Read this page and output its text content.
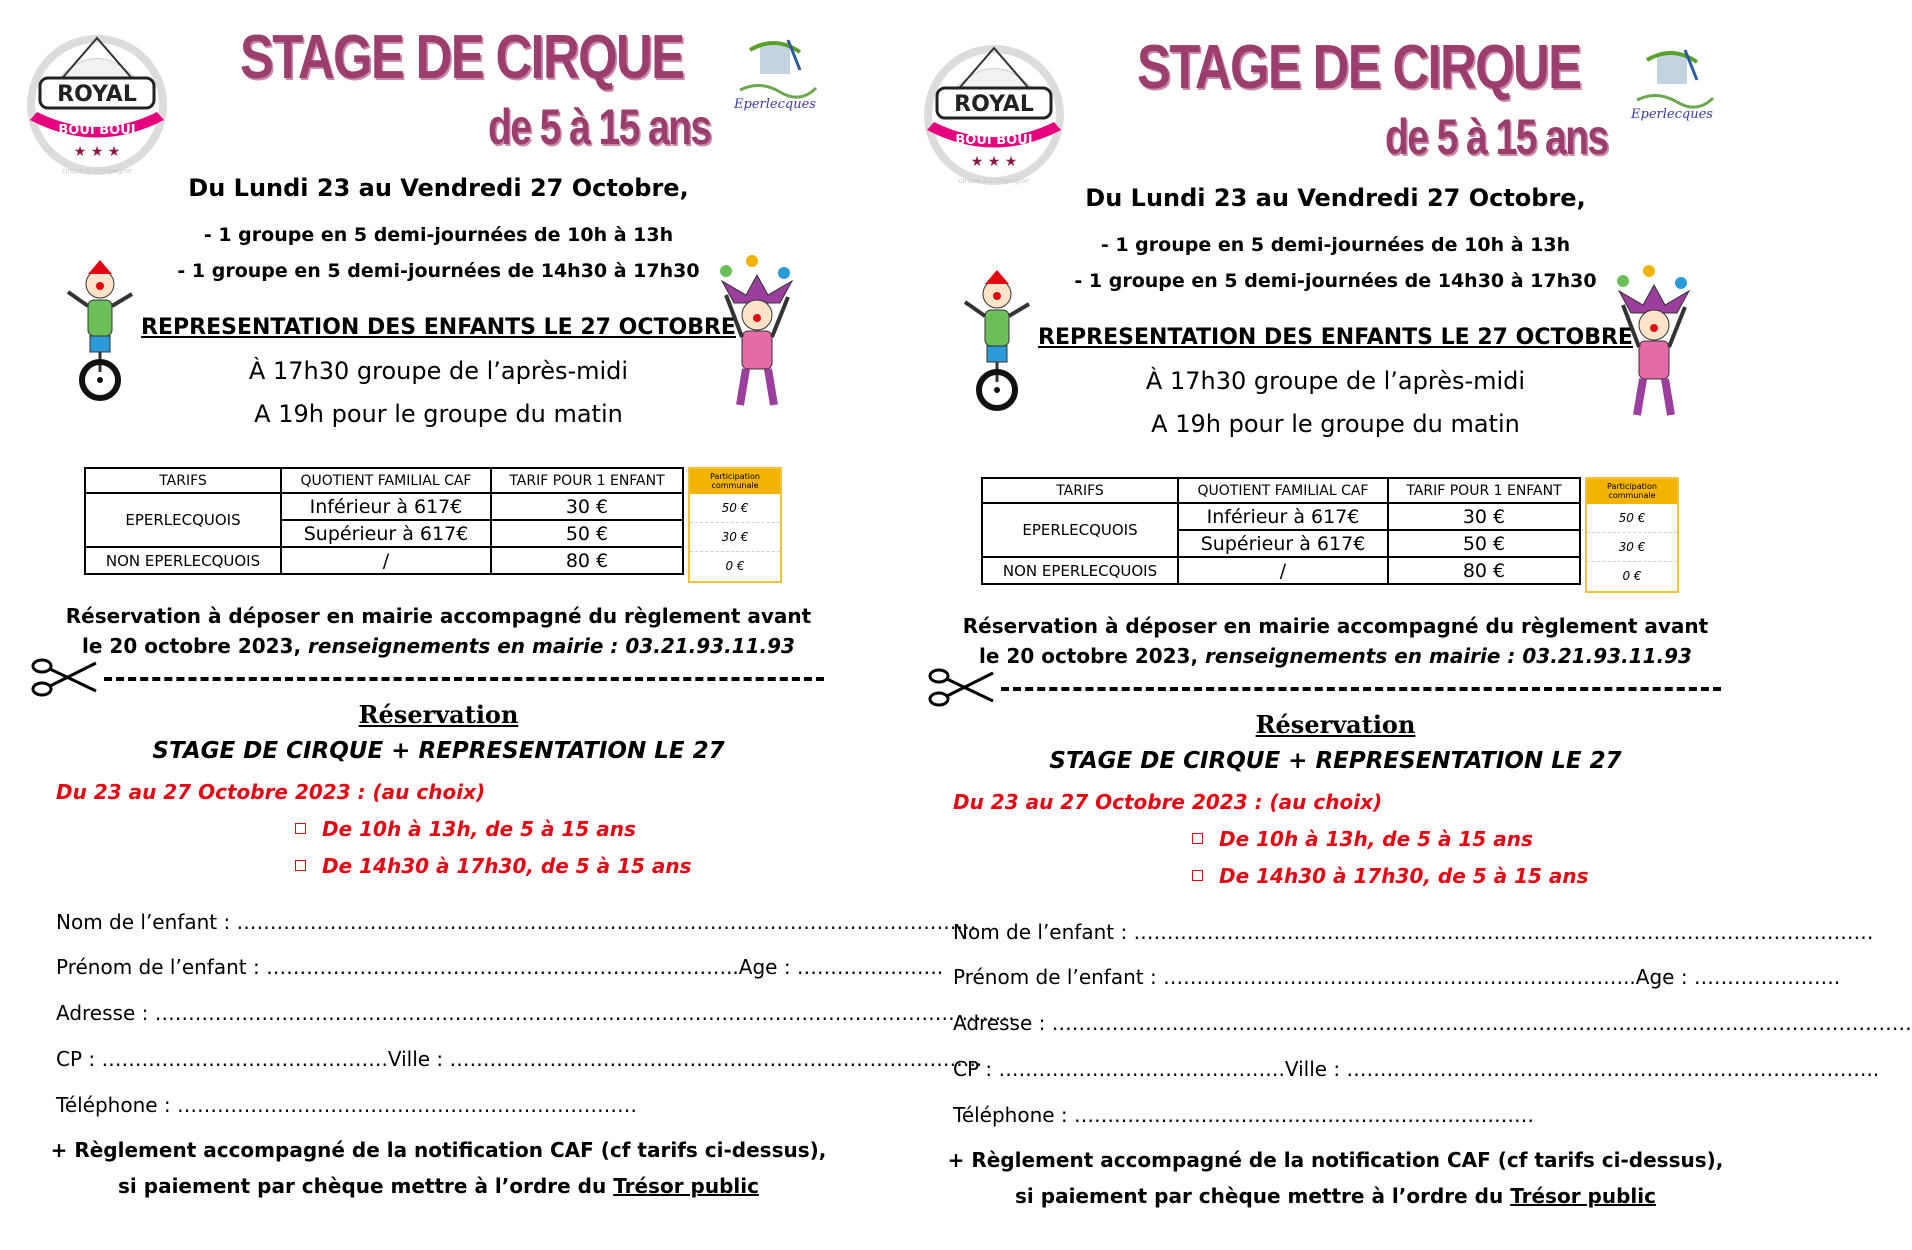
ROYAL
BOUI BOUI
★ ★ ★
cirque & compagnie
Eperlecques
STAGE DE CIRQUE
de 5 à 15 ans
Du Lundi 23 au Vendredi 27 Octobre,
- 1 groupe en 5 demi-journées de 10h à 13h
- 1 groupe en 5 demi-journées de 14h30 à 17h30
REPRESENTATION DES ENFANTS LE 27 OCTOBRE
À 17h30 groupe de l’après-midi
A 19h pour le groupe du matin
TARIFS	QUOTIENT FAMILIAL CAF	TARIF POUR 1 ENFANT
EPERLECQUOIS	Inférieur à 617€	30 €
	Supérieur à 617€	50 €
NON EPERLECQUOIS	/	80 €
Participation communale
50 €
30 €
0 €
Réservation à déposer en mairie accompagné du règlement avant
le 20 octobre 2023, renseignements en mairie : 03.21.93.11.93
Réservation
STAGE DE CIRQUE + REPRESENTATION LE 27
Du 23 au 27 Octobre 2023 : (au choix)
De 10h à 13h, de 5 à 15 ans
De 14h30 à 17h30, de 5 à 15 ans
Nom de l’enfant : …………………………………………………………………………………………………
Prénom de l’enfant : ……………………………………………………………..Age : ………………….
Adresse : …………………………………………………………………………………………………………………
CP : …………………………………….Ville : ……………………………………………………………………..
Téléphone : ……………………………………………………………
+ Règlement accompagné de la notification CAF (cf tarifs ci-dessus),
si paiement par chèque mettre à l’ordre du Trésor public
ROYAL
BOUI BOUI
★ ★ ★
cirque & compagnie
Eperlecques
STAGE DE CIRQUE
de 5 à 15 ans
Du Lundi 23 au Vendredi 27 Octobre,
- 1 groupe en 5 demi-journées de 10h à 13h
- 1 groupe en 5 demi-journées de 14h30 à 17h30
REPRESENTATION DES ENFANTS LE 27 OCTOBRE
À 17h30 groupe de l’après-midi
A 19h pour le groupe du matin
TARIFS	QUOTIENT FAMILIAL CAF	TARIF POUR 1 ENFANT
EPERLECQUOIS	Inférieur à 617€	30 €
	Supérieur à 617€	50 €
NON EPERLECQUOIS	/	80 €
Participation communale
50 €
30 €
0 €
Réservation à déposer en mairie accompagné du règlement avant
le 20 octobre 2023, renseignements en mairie : 03.21.93.11.93
Réservation
STAGE DE CIRQUE + REPRESENTATION LE 27
Du 23 au 27 Octobre 2023 : (au choix)
De 10h à 13h, de 5 à 15 ans
De 14h30 à 17h30, de 5 à 15 ans
Nom de l’enfant : …………………………………………………………………………………………………
Prénom de l’enfant : ……………………………………………………………..Age : ………………….
Adresse : …………………………………………………………………………………………………………………
CP : …………………………………….Ville : ……………………………………………………………………..
Téléphone : ……………………………………………………………
+ Règlement accompagné de la notification CAF (cf tarifs ci-dessus),
si paiement par chèque mettre à l’ordre du Trésor public
